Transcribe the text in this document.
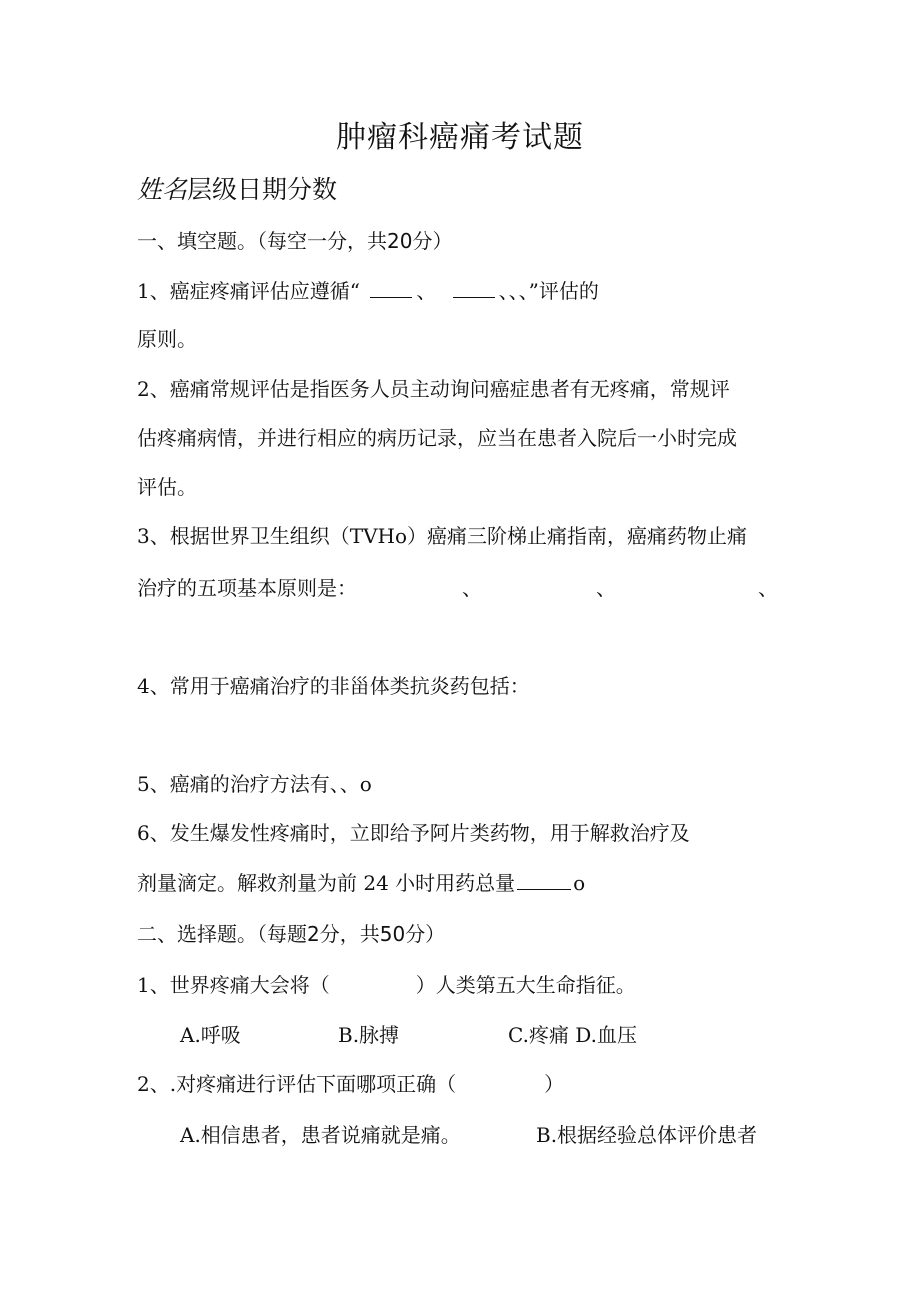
肿瘤科癌痛考试题
姓名层级日期分数
一、填空题。（每空一分，共20分）
1、癌症疼痛评估应遵循“	、	、、、”评估的
原则。
2、癌痛常规评估是指医务人员主动询问癌症患者有无疼痛，常规评
估疼痛病情，并进行相应的病历记录，应当在患者入院后一小时完成
评估。
3、根据世界卫生组织（TVHo）癌痛三阶梯止痛指南，癌痛药物止痛
治疗的五项基本原则是：	、	、	、
4、常用于癌痛治疗的非甾体类抗炎药包括：
5、癌痛的治疗方法有、、o
6、发生爆发性疼痛时，立即给予阿片类药物，用于解救治疗及
剂量滴定。解救剂量为前 24 小时用药总量	o
二、选择题。（每题2分，共50分）
1、世界疼痛大会将（	）人类第五大生命指征。
A.呼吸	B.脉搏	C.疼痛 D.血压
2、.对疼痛进行评估下面哪项正确（	）
A.相信患者，患者说痛就是痛。	B.根据经验总体评价患者
